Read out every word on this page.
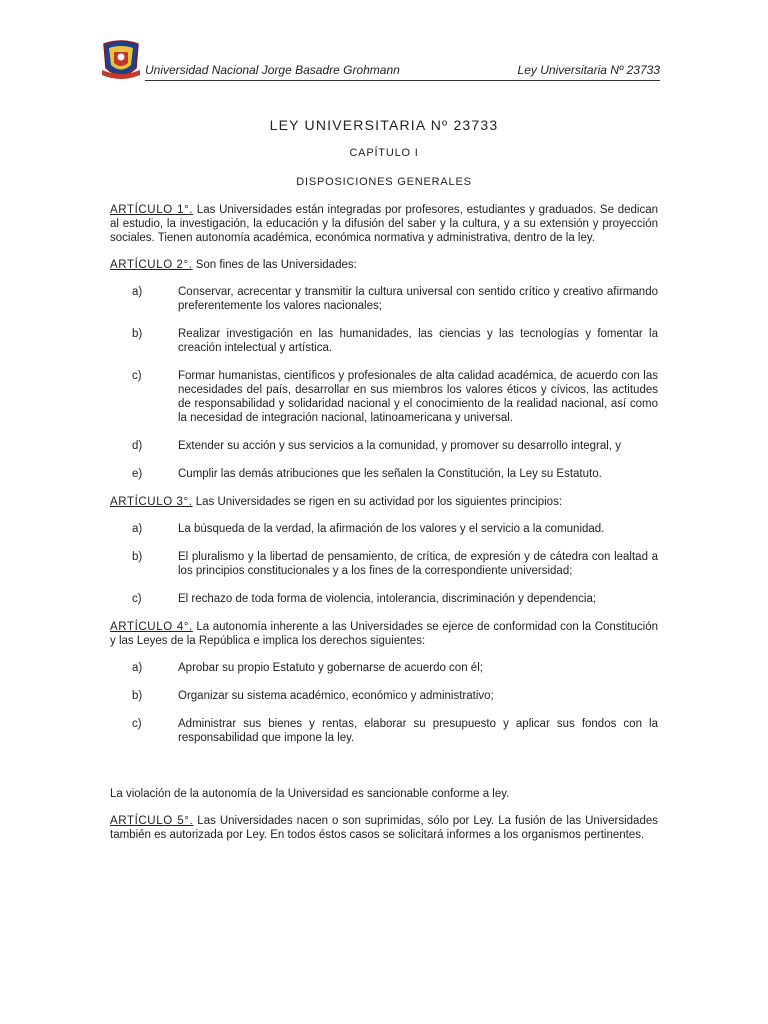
Universidad Nacional Jorge Basadre Grohmann	Ley Universitaria Nº 23733
LEY UNIVERSITARIA Nº 23733
CAPÍTULO I
DISPOSICIONES GENERALES

ARTÍCULO 1°. Las Universidades están integradas por profesores, estudiantes y graduados. Se dedican al estudio, la investigación, la educación y la difusión del saber y la cultura, y a su extensión y proyección sociales. Tienen autonomía académica, económica normativa y administrativa, dentro de la ley.

ARTÍCULO 2°. Son fines de las Universidades:

a)	Conservar, acrecentar y transmitir la cultura universal con sentido crítico y creativo afirmando preferentemente los valores nacionales;
b)	Realizar investigación en las humanidades, las ciencias y las tecnologías y fomentar la creación intelectual y artística.
c)	Formar humanistas, científicos y profesionales de alta calidad académica, de acuerdo con las necesidades del país, desarrollar en sus miembros los valores éticos y cívicos, las actitudes de responsabilidad y solidaridad nacional y el conocimiento de la realidad nacional, así como la necesidad de integración nacional, latinoamericana y universal.
d)	Extender su acción y sus servicios a la comunidad, y promover su desarrollo integral, y
e)	Cumplir las demás atribuciones que les señalen la Constitución, la Ley su Estatuto.

ARTÍCULO 3°. Las Universidades se rigen en su actividad por los siguientes principios:

a)	La búsqueda de la verdad, la afirmación de los valores y el servicio a la comunidad.
b)	El pluralismo y la libertad de pensamiento, de crítica, de expresión y de cátedra con lealtad a los principios constitucionales y a los fines de la correspondiente universidad;
c)	El rechazo de toda forma de violencia, intolerancia, discriminación y dependencia;

ARTÍCULO 4°. La autonomía inherente a las Universidades se ejerce de conformidad con la Constitución y las Leyes de la República e implica los derechos siguientes:

a)	Aprobar su propio Estatuto y gobernarse de acuerdo con él;
b)	Organizar su sistema académico, económico y administrativo;
c)	Administrar sus bienes y rentas, elaborar su presupuesto y aplicar sus fondos con la responsabilidad que impone la ley.

La violación de la autonomía de la Universidad es sancionable conforme a ley.

ARTÍCULO 5°. Las Universidades nacen o son suprimidas, sólo por Ley. La fusión de las Universidades también es autorizada por Ley. En todos éstos casos se solicitará informes a los organismos pertinentes.
